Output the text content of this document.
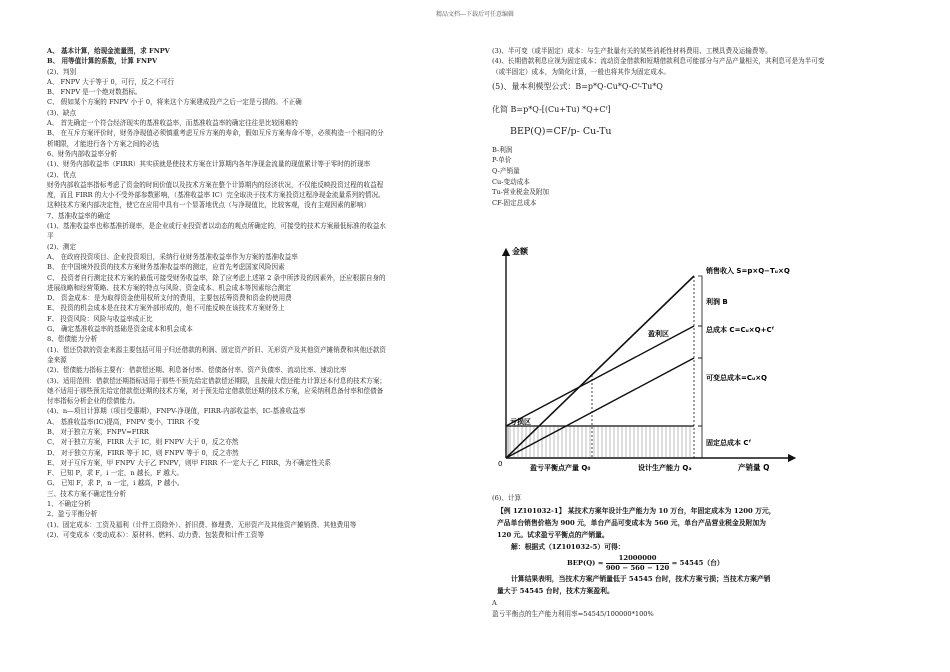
精品文档---下载后可任意编辑
A、 基本计算，给现金流量图，求 FNPV
B、 用等值计算的系数，计算 FNPV
(2)、判别
A、 FNPV 大于等于 0，可行，反之不可行
B、 FNPV 是一个绝对数指标。
C、 假如某个方案的 FNPV 小于 0，将来这个方案建成投产之后一定是亏损的。不正确
(3)、缺点
A、 首先确定一个符合经济现实的基准收益率，而基准收益率的确定往往是比较困难的
B、 在互斥方案评价时，财务净现值必须慎重考虑互斥方案的寿命，假如互斥方案寿命不等，必须构造一个相同的分
析期限，才能进行各个方案之间的必选
6、财务内部收益率分析
(1)、财务内部收益率（FIRR）其实质就是使技术方案在计算期内各年净现金流量的现值累计等于零时的折现率
(2)、优点
财务内部收益率指标考虑了资金的时间价值以及技术方案在整个计算期内的经济状况，不仅能反映投资过程的收益程
度，而且 FIRR 的大小不受外部参数影响，（基准收益率 IC）完全取决于技术方案投资过程净现金流量系列的情况。
这种技术方案内部决定性，使它在应用中具有一个显著地优点（与净现值比，比较客观，没有主观因素的影响）
7、基准收益率的确定
(1)、基准收益率也称基准折现率，是企业或行业投资者以动态的观点所确定的，可接受的技术方案最低标准的收益水
平
(2)、测定
A、 在政府投资项目、企业投资项目，采纳行业财务基准收益率作为方案的基准收益率
B、 在中国境外投资的技术方案财务基准收益率的测定，应首先考虑国家风险因素
C、 投资者自行测定技术方案的最低可接受财务收益率，除了应考虑上述第 2 条中所涉及的因素外，还应根据自身的
进展战略和经营策略、技术方案的特点与风险、资金成本、机会成本等因素综合测定
D、 资金成本：是为取得资金使用权所支付的费用，主要包括筹资费和资金的使用费
E、 投资的机会成本是在技术方案外部形成的，他不可能反映在该技术方案财务上
F、 投资风险：风险与收益率成正比
G、 确定基准收益率的基础是资金成本和机会成本
8、偿债能力分析
(1)、偿还贷款的资金来源主要包括可用于归还借款的利润、固定资产折旧、无形资产及其他资产摊销费和其他还款资
金来源
(2)、偿债能力指标主要有：借款偿还期、利息备付率、偿债备付率、资产负债率、流动比率、速动比率
(3)、适用范围：借款偿还期指标适用于那些不预先给定借款偿还期限，且按最大偿还能力计算还本付息的技术方案；
她不适用于那些预先给定借款偿还期的技术方案，对于预先给定借款偿还期的技术方案，应采纳利息备付率和偿债备
付率指标分析企业的偿债能力。
(4)、n—项目计算期（项目受惠期），FNPV-净现值，FIRR-内部收益率，IC-基准收益率
A、 基准收益率(IC)提高，FNPV 变小，TIRR 不变
B、 对于独立方案，FNPV=FIRR
C、 对于独立方案，FIRR 大于 IC，则 FNPV 大于 0，反之亦然
D、 对于独立方案，FIRR 等于 IC，则 FNPV 等于 0，反之亦然
E、 对于互斥方案，甲 FNPV 大于乙 FNPV，则甲 FIRR 不一定大于乙 FIRR，为不确定性关系
F、 已知 P，求 F，i 一定，n 越长，F 越大。
G、 已知 F，求 P，n 一定，i 越高，P 越小。
三、技术方案不确定性分析
1、不确定分析
2、盈亏平衡分析
(1)、固定成本：工资及福利（计件工资除外）、折旧费、修理费、无形资产及其他资产摊销费、其他费用等
(2)、可变成本（变动成本）：原材料、燃料、动力费、包装费和计件工资等
(3)、半可变（或半固定）成本：与生产批量有关的某些消耗性材料费用、工模具费及运输费等。
(4)、长期借款利息应视为固定成本；流动资金借款和短期借款利息可能部分与产品产量相关，其利息可是为半可变
（或半固定）成本，为简化计算，一般也将其作为固定成本。
(5)、量本利模型公式：B=p*Q-Cu*Q-Cᶠ-Tu*Q
化简 B=p*Q-[(Cu+Tu) *Q+Cᶠ]
BEP(Q)=CF/p- Cu-Tu
B-利润
P-单价
Q-产销量
Cu-变动成本
Tu-营业税金及附加
CF-固定总成本
金额
0	产销量 Q
销售收入 S=p×Q−Tᵤ×Q
利润 B
盈利区	总成本 C=Cᵤ×Q+Cᶠ
可变总成本=Cᵤ×Q
亏损区
固定总成本 Cᶠ
盈亏平衡点产量 Q₀	设计生产能力 Qₐ
(6)、计算
【例 1Z101032-1】 某技术方案年设计生产能力为 10 万台，年固定成本为 1200 万元，
产品单台销售价格为 900 元，单台产品可变成本为 560 元，单台产品营业税金及附加为
120 元。试求盈亏平衡点的产销量。
解：根据式（1Z101032-5）可得：
$BEP(Q) = \frac{12000000}{900 - 560 - 120} = 54545$（台）
计算结果表明，当技术方案产销量低于 54545 台时，技术方案亏损；当技术方案产销
量大于 54545 台时，技术方案盈利。
A
盈亏平衡点的生产能力利用率=54545/100000*100%
